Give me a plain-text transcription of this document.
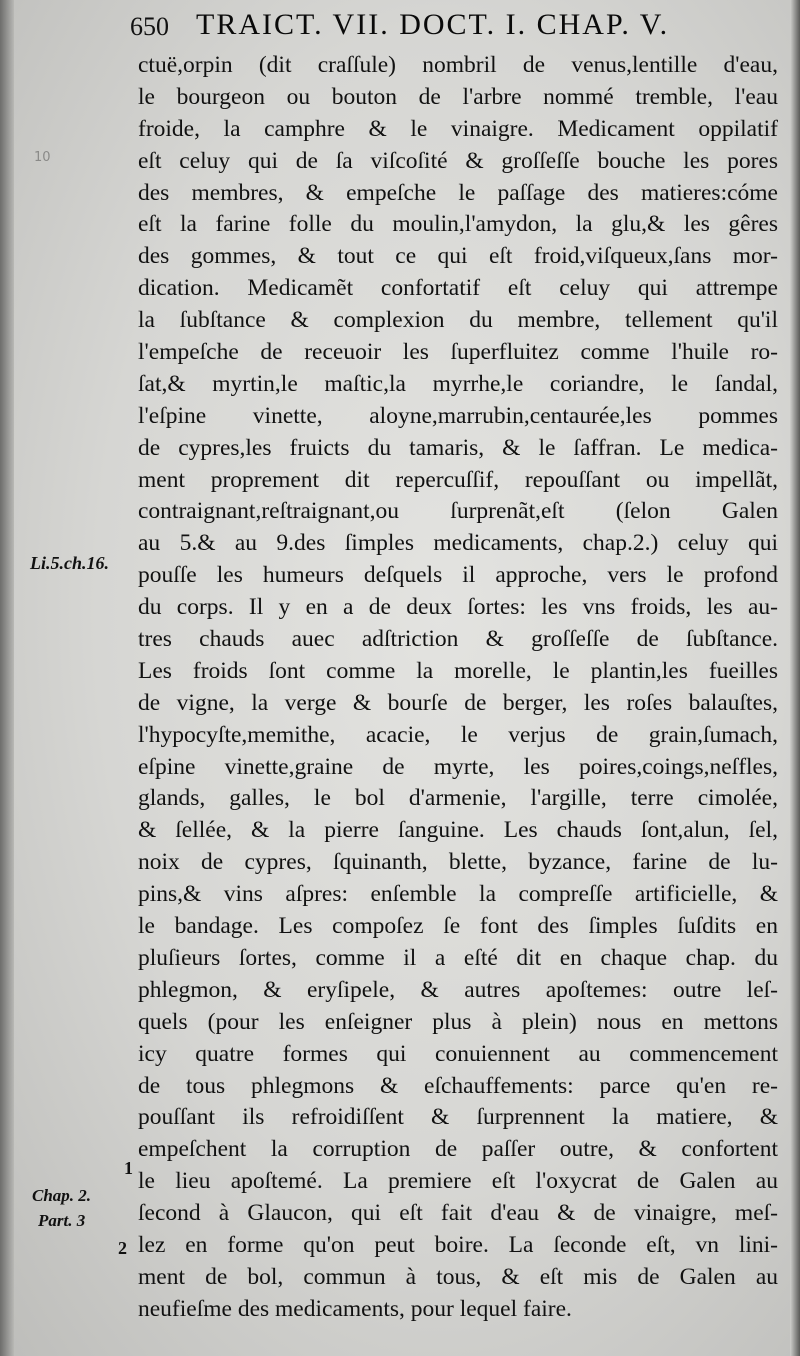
650 TRAICT. VII. DOCT. I. CHAP. V.
10
Li.5.ch.16.
Chap. 2.
Part. 3
1
2
ctuë,orpin (dit craſſule) nombril de venus,lentille d'eau,
le bourgeon ou bouton de l'arbre nommé tremble, l'eau
froide, la camphre & le vinaigre. Medicament oppilatif
eſt celuy qui de ſa viſcoſité & groſſeſſe bouche les pores
des membres, & empeſche le paſſage des matieres:cóme
eſt la farine folle du moulin,l'amydon, la glu,& les gêres
des gommes, & tout ce qui eſt froid,viſqueux,ſans mor-
dication. Medicamẽt confortatif eſt celuy qui attrempe
la ſubſtance & complexion du membre, tellement qu'il
l'empeſche de receuoir les ſuperfluitez comme l'huile ro-
ſat,& myrtin,le maſtic,la myrrhe,le coriandre, le ſandal,
l'eſpine vinette, aloyne,marrubin,centaurée,les pommes
de cypres,les fruicts du tamaris, & le ſaffran. Le medica-
ment proprement dit repercuſſif, repouſſant ou impellãt,
contraignant,reſtraignant,ou ſurprenãt,eſt (ſelon Galen
au 5.& au 9.des ſimples medicaments, chap.2.) celuy qui
pouſſe les humeurs deſquels il approche, vers le profond
du corps. Il y en a de deux ſortes: les vns froids, les au-
tres chauds auec adſtriction & groſſeſſe de ſubſtance.
Les froids ſont comme la morelle, le plantin,les fueilles
de vigne, la verge & bourſe de berger, les roſes balauſtes,
l'hypocyſte,memithe, acacie, le verjus de grain,ſumach,
eſpine vinette,graine de myrte, les poires,coings,neſfles,
glands, galles, le bol d'armenie, l'argille, terre cimolée,
& ſellée, & la pierre ſanguine. Les chauds ſont,alun, ſel,
noix de cypres, ſquinanth, blette, byzance, farine de lu-
pins,& vins aſpres: enſemble la compreſſe artificielle, &
le bandage. Les compoſez ſe font des ſimples ſuſdits en
pluſieurs ſortes, comme il a eſté dit en chaque chap. du
phlegmon, & eryſipele, & autres apoſtemes: outre leſ-
quels (pour les enſeigner plus à plein) nous en mettons
icy quatre formes qui conuiennent au commencement
de tous phlegmons & eſchauffements: parce qu'en re-
pouſſant ils refroidiſſent & ſurprennent la matiere, &
empeſchent la corruption de paſſer outre, & confortent
le lieu apoſtemé. La premiere eſt l'oxycrat de Galen au
ſecond à Glaucon, qui eſt fait d'eau & de vinaigre, meſ-
lez en forme qu'on peut boire. La ſeconde eſt, vn lini-
ment de bol, commun à tous, & eſt mis de Galen au
neufieſme des medicaments, pour lequel faire.
